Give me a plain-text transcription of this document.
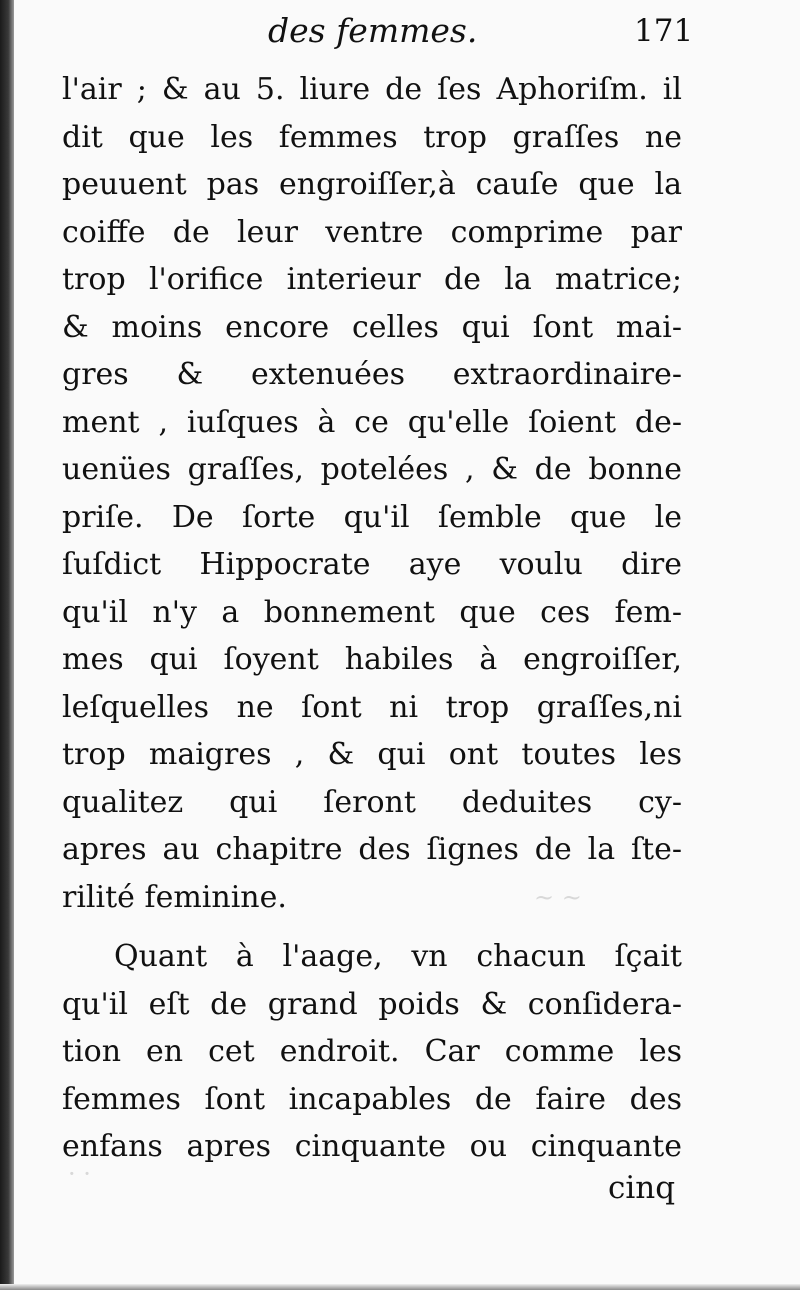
des femmes.	171
l'air ; & au 5. liure de ſes Aphoriſm. il
dit que les femmes trop graſſes ne
peuuent pas engroiſſer,à cauſe que la
coiffe de leur ventre comprime par
trop l'orifice interieur de la matrice;
& moins encore celles qui ſont mai-
gres & extenuées extraordinaire-
ment , iuſques à ce qu'elle ſoient de-
uenües graſſes, potelées , & de bonne
priſe. De ſorte qu'il ſemble que le
ſuſdict Hippocrate aye voulu dire
qu'il n'y a bonnement que ces fem-
mes qui ſoyent habiles à engroiſſer,
leſquelles ne ſont ni trop graſſes,ni
trop maigres , & qui ont toutes les
qualitez qui ſeront deduites cy-
apres au chapitre des ſignes de la ſte-
rilité feminine.
Quant à l'aage, vn chacun ſçait
qu'il eſt de grand poids & conſidera-
tion en cet endroit. Car comme les
femmes ſont incapables de faire des
enfans apres cinquante ou cinquante
cinq
~ ~
· ·
